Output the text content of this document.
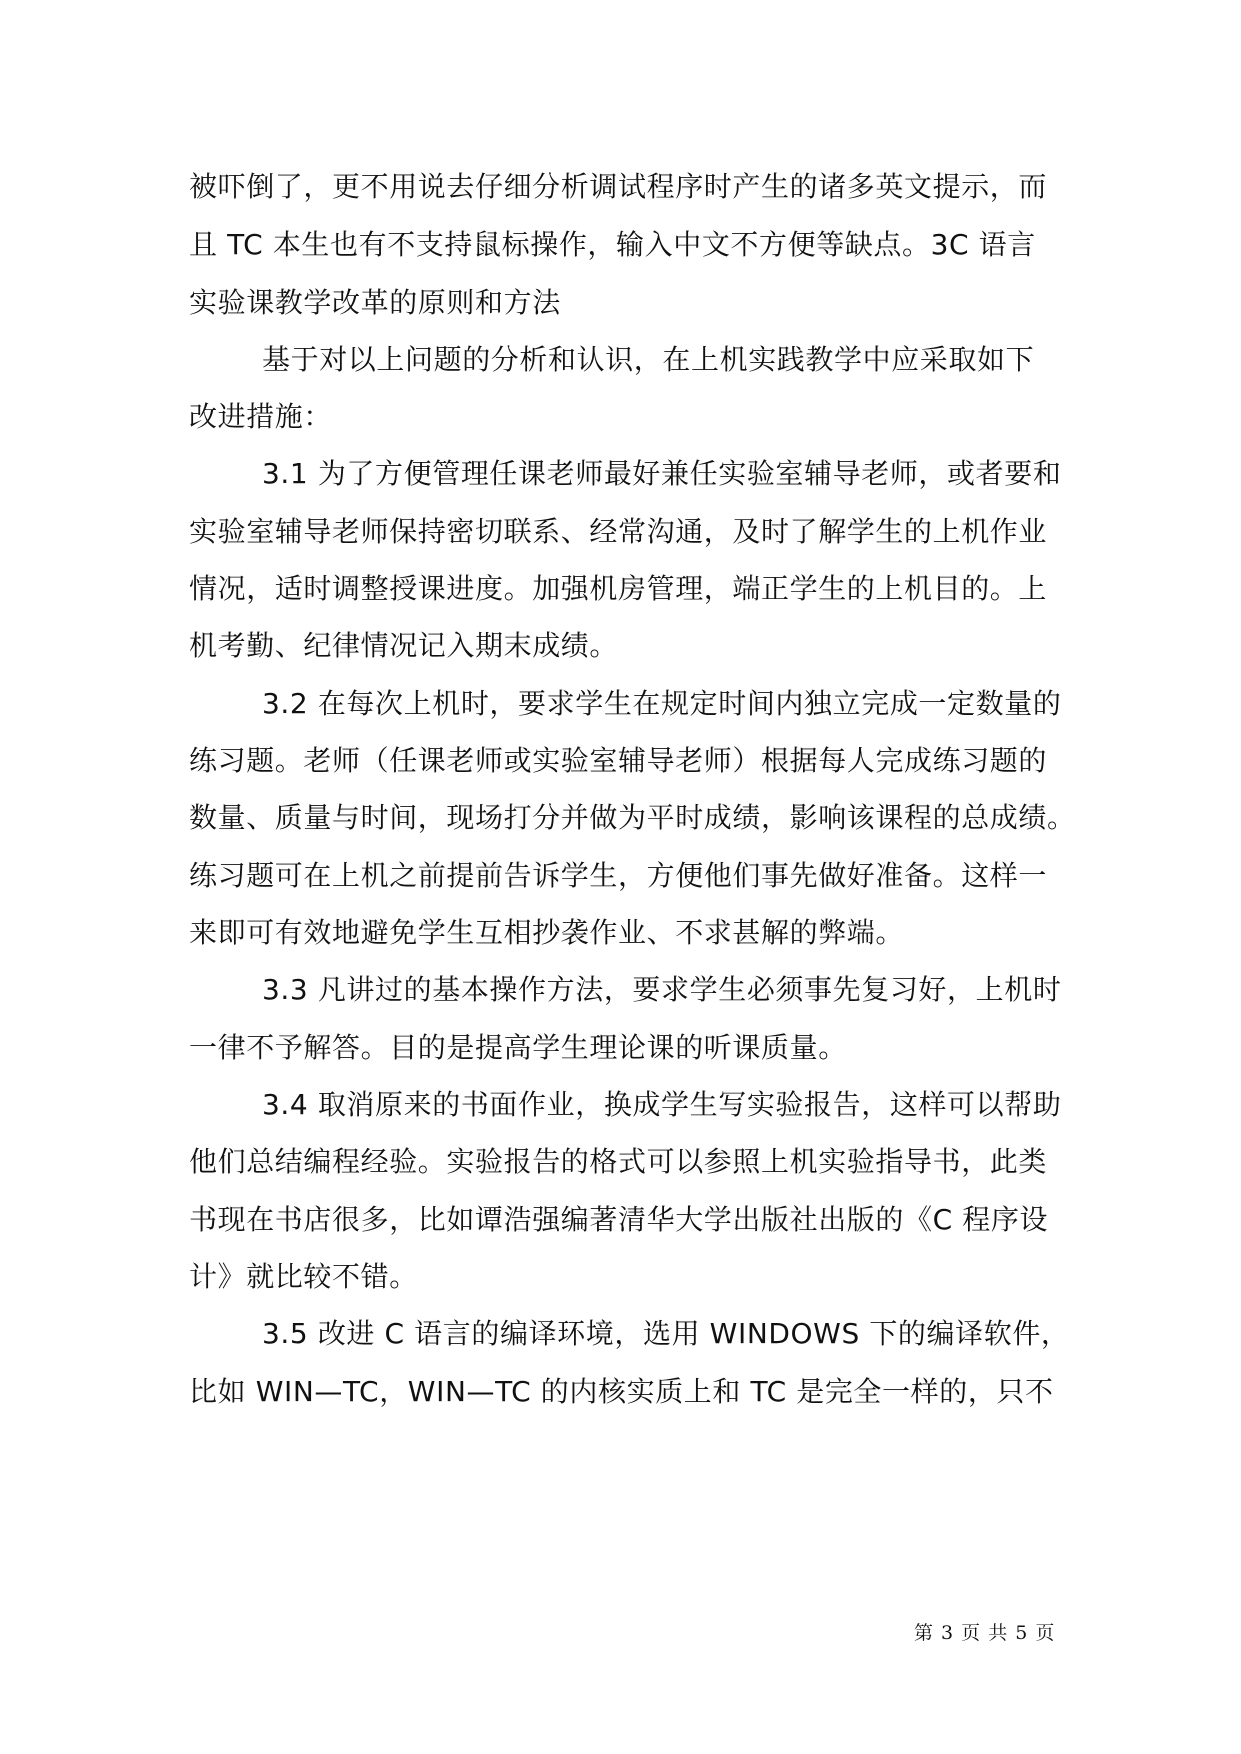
被吓倒了，更不用说去仔细分析调试程序时产生的诸多英文提示，而
且 TC 本生也有不支持鼠标操作，输入中文不方便等缺点。3C 语言
实验课教学改革的原则和方法
基于对以上问题的分析和认识，在上机实践教学中应采取如下
改进措施：
3.1 为了方便管理任课老师最好兼任实验室辅导老师，或者要和
实验室辅导老师保持密切联系、经常沟通，及时了解学生的上机作业
情况，适时调整授课进度。加强机房管理，端正学生的上机目的。上
机考勤、纪律情况记入期末成绩。
3.2 在每次上机时，要求学生在规定时间内独立完成一定数量的
练习题。老师（任课老师或实验室辅导老师）根据每人完成练习题的
数量、质量与时间，现场打分并做为平时成绩，影响该课程的总成绩。
练习题可在上机之前提前告诉学生，方便他们事先做好准备。这样一
来即可有效地避免学生互相抄袭作业、不求甚解的弊端。
3.3 凡讲过的基本操作方法，要求学生必须事先复习好，上机时
一律不予解答。目的是提高学生理论课的听课质量。
3.4 取消原来的书面作业，换成学生写实验报告，这样可以帮助
他们总结编程经验。实验报告的格式可以参照上机实验指导书，此类
书现在书店很多，比如谭浩强编著清华大学出版社出版的《C 程序设
计》就比较不错。
3.5 改进 C 语言的编译环境，选用 WINDOWS 下的编译软件，
比如 WIN—TC，WIN—TC 的内核实质上和 TC 是完全一样的，只不
第 3 页 共 5 页
